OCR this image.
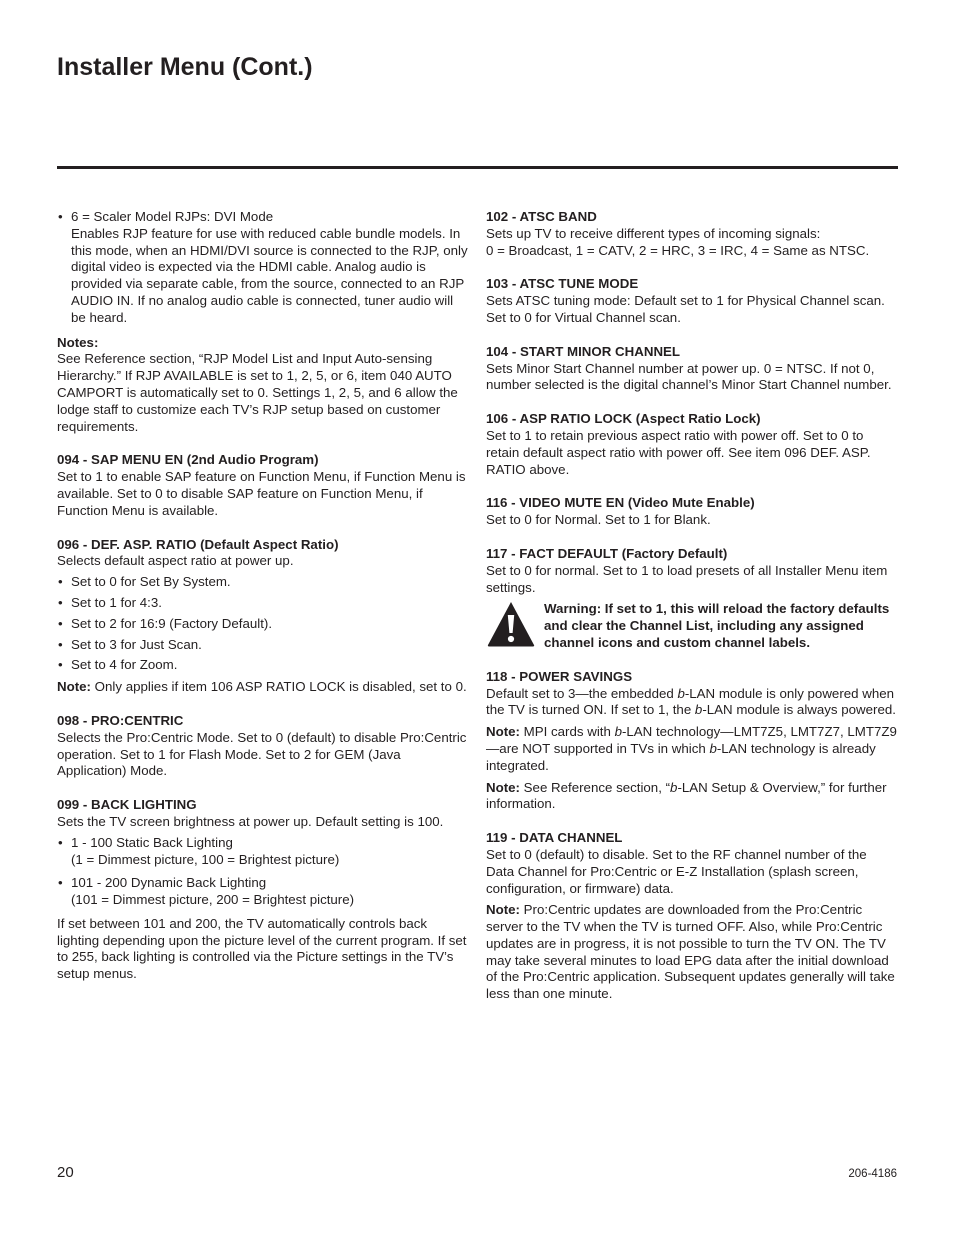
Installer Menu (Cont.)

• 6 = Scaler Model RJPs: DVI Mode

Enables RJP feature for use with reduced cable bundle models. In this mode, when an HDMI/DVI source is connected to the RJP, only digital video is expected via the HDMI cable. Analog audio is provided via separate cable, from the source, connected to an RJP AUDIO IN. If no analog audio cable is connected, tuner audio will be heard.

Notes:

See Reference section, “RJP Model List and Input Auto-sensing Hierarchy.” If RJP AVAILABLE is set to 1, 2, 5, or 6, item 040 AUTO CAMPORT is automatically set to 0. Settings 1, 2, 5, and 6 allow the lodge staff to customize each TV’s RJP setup based on customer requirements.

094 - SAP MENU EN (2nd Audio Program)

Set to 1 to enable SAP feature on Function Menu, if Function Menu is available. Set to 0 to disable SAP feature on Function Menu, if Function Menu is available.

096 - DEF. ASP. RATIO (Default Aspect Ratio)

Selects default aspect ratio at power up.

• Set to 0 for Set By System.

• Set to 1 for 4:3.

• Set to 2 for 16:9 (Factory Default).

• Set to 3 for Just Scan.

• Set to 4 for Zoom.

Note: Only applies if item 106 ASP RATIO LOCK is disabled, set to 0.

098 - PRO:CENTRIC

Selects the Pro:Centric Mode. Set to 0 (default) to disable Pro:Centric operation. Set to 1 for Flash Mode. Set to 2 for GEM (Java Application) Mode.

099 - BACK LIGHTING

Sets the TV screen brightness at power up. Default setting is 100.

• 1 - 100 Static Back Lighting

(1 = Dimmest picture, 100 = Brightest picture)

• 101 - 200 Dynamic Back Lighting

(101 = Dimmest picture, 200 = Brightest picture)

If set between 101 and 200, the TV automatically controls back lighting depending upon the picture level of the current program. If set to 255, back lighting is controlled via the Picture settings in the TV’s setup menus.

102 - ATSC BAND

Sets up TV to receive different types of incoming signals:

0 = Broadcast, 1 = CATV, 2 = HRC, 3 = IRC, 4 = Same as NTSC.

103 - ATSC TUNE MODE

Sets ATSC tuning mode: Default set to 1 for Physical Channel scan. Set to 0 for Virtual Channel scan.

104 - START MINOR CHANNEL

Sets Minor Start Channel number at power up. 0 = NTSC. If not 0, number selected is the digital channel’s Minor Start Channel number.

106 - ASP RATIO LOCK (Aspect Ratio Lock)

Set to 1 to retain previous aspect ratio with power off. Set to 0 to retain default aspect ratio with power off. See item 096 DEF. ASP. RATIO above.

116 - VIDEO MUTE EN (Video Mute Enable)

Set to 0 for Normal. Set to 1 for Blank.

117 - FACT DEFAULT (Factory Default)

Set to 0 for normal. Set to 1 to load presets of all Installer Menu item settings.

Warning: If set to 1, this will reload the factory defaults and clear the Channel List, including any assigned channel icons and custom channel labels.

118 - POWER SAVINGS

Default set to 3—the embedded b-LAN module is only powered when the TV is turned ON. If set to 1, the b-LAN module is always powered.

Note: MPI cards with b-LAN technology—LMT7Z5, LMT7Z7, LMT7Z9—are NOT supported in TVs in which b-LAN technology is already integrated.

Note: See Reference section, “b-LAN Setup & Overview,” for further information.

119 - DATA CHANNEL

Set to 0 (default) to disable. Set to the RF channel number of the Data Channel for Pro:Centric or E-Z Installation (splash screen, configuration, or firmware) data.

Note: Pro:Centric updates are downloaded from the Pro:Centric server to the TV when the TV is turned OFF. Also, while Pro:Centric updates are in progress, it is not possible to turn the TV ON. The TV may take several minutes to load EPG data after the initial download of the Pro:Centric application. Subsequent updates generally will take less than one minute.

20	206-4186
